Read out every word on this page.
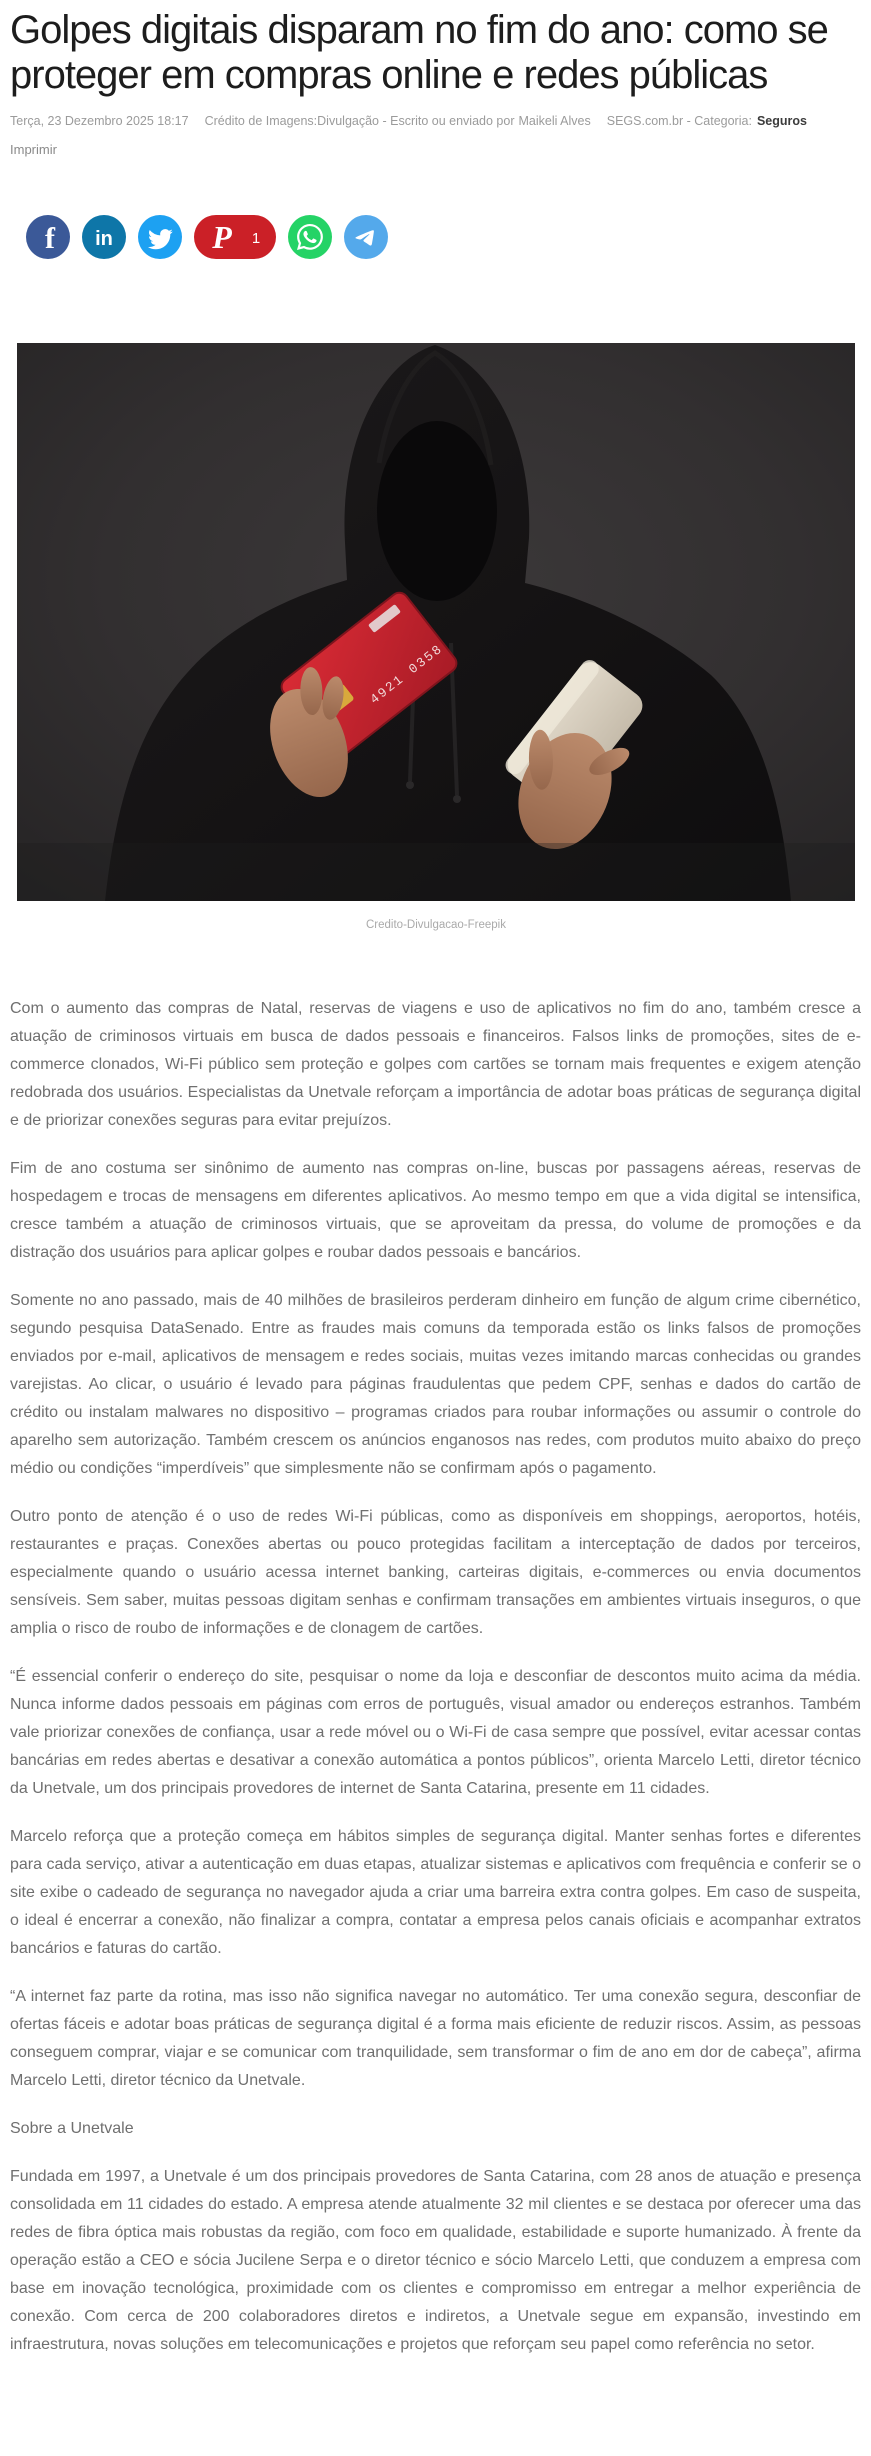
Golpes digitais disparam no fim do ano: como se proteger em compras online e redes públicas
Terça, 23 Dezembro 2025 18:17 Crédito de Imagens:Divulgação - Escrito ou enviado por Maikeli Alves SEGS.com.br - Categoria: Seguros
Imprimir
f in	P 1
4921 0358
Credito-Divulgacao-Freepik

Com o aumento das compras de Natal, reservas de viagens e uso de aplicativos no fim do ano, também cresce a atuação de criminosos virtuais em busca de dados pessoais e financeiros. Falsos links de promoções, sites de e-commerce clonados, Wi-Fi público sem proteção e golpes com cartões se tornam mais frequentes e exigem atenção redobrada dos usuários. Especialistas da Unetvale reforçam a importância de adotar boas práticas de segurança digital e de priorizar conexões seguras para evitar prejuízos.

Fim de ano costuma ser sinônimo de aumento nas compras on-line, buscas por passagens aéreas, reservas de hospedagem e trocas de mensagens em diferentes aplicativos. Ao mesmo tempo em que a vida digital se intensifica, cresce também a atuação de criminosos virtuais, que se aproveitam da pressa, do volume de promoções e da distração dos usuários para aplicar golpes e roubar dados pessoais e bancários.

Somente no ano passado, mais de 40 milhões de brasileiros perderam dinheiro em função de algum crime cibernético, segundo pesquisa DataSenado. Entre as fraudes mais comuns da temporada estão os links falsos de promoções enviados por e-mail, aplicativos de mensagem e redes sociais, muitas vezes imitando marcas conhecidas ou grandes varejistas. Ao clicar, o usuário é levado para páginas fraudulentas que pedem CPF, senhas e dados do cartão de crédito ou instalam malwares no dispositivo – programas criados para roubar informações ou assumir o controle do aparelho sem autorização. Também crescem os anúncios enganosos nas redes, com produtos muito abaixo do preço médio ou condições “imperdíveis” que simplesmente não se confirmam após o pagamento.

Outro ponto de atenção é o uso de redes Wi-Fi públicas, como as disponíveis em shoppings, aeroportos, hotéis, restaurantes e praças. Conexões abertas ou pouco protegidas facilitam a interceptação de dados por terceiros, especialmente quando o usuário acessa internet banking, carteiras digitais, e-commerces ou envia documentos sensíveis. Sem saber, muitas pessoas digitam senhas e confirmam transações em ambientes virtuais inseguros, o que amplia o risco de roubo de informações e de clonagem de cartões.

“É essencial conferir o endereço do site, pesquisar o nome da loja e desconfiar de descontos muito acima da média. Nunca informe dados pessoais em páginas com erros de português, visual amador ou endereços estranhos. Também vale priorizar conexões de confiança, usar a rede móvel ou o Wi-Fi de casa sempre que possível, evitar acessar contas bancárias em redes abertas e desativar a conexão automática a pontos públicos”, orienta Marcelo Letti, diretor técnico da Unetvale, um dos principais provedores de internet de Santa Catarina, presente em 11 cidades.

Marcelo reforça que a proteção começa em hábitos simples de segurança digital. Manter senhas fortes e diferentes para cada serviço, ativar a autenticação em duas etapas, atualizar sistemas e aplicativos com frequência e conferir se o site exibe o cadeado de segurança no navegador ajuda a criar uma barreira extra contra golpes. Em caso de suspeita, o ideal é encerrar a conexão, não finalizar a compra, contatar a empresa pelos canais oficiais e acompanhar extratos bancários e faturas do cartão.

“A internet faz parte da rotina, mas isso não significa navegar no automático. Ter uma conexão segura, desconfiar de ofertas fáceis e adotar boas práticas de segurança digital é a forma mais eficiente de reduzir riscos. Assim, as pessoas conseguem comprar, viajar e se comunicar com tranquilidade, sem transformar o fim de ano em dor de cabeça”, afirma Marcelo Letti, diretor técnico da Unetvale.

Sobre a Unetvale

Fundada em 1997, a Unetvale é um dos principais provedores de Santa Catarina, com 28 anos de atuação e presença consolidada em 11 cidades do estado. A empresa atende atualmente 32 mil clientes e se destaca por oferecer uma das redes de fibra óptica mais robustas da região, com foco em qualidade, estabilidade e suporte humanizado. À frente da operação estão a CEO e sócia Jucilene Serpa e o diretor técnico e sócio Marcelo Letti, que conduzem a empresa com base em inovação tecnológica, proximidade com os clientes e compromisso em entregar a melhor experiência de conexão. Com cerca de 200 colaboradores diretos e indiretos, a Unetvale segue em expansão, investindo em infraestrutura, novas soluções em telecomunicações e projetos que reforçam seu papel como referência no setor.
